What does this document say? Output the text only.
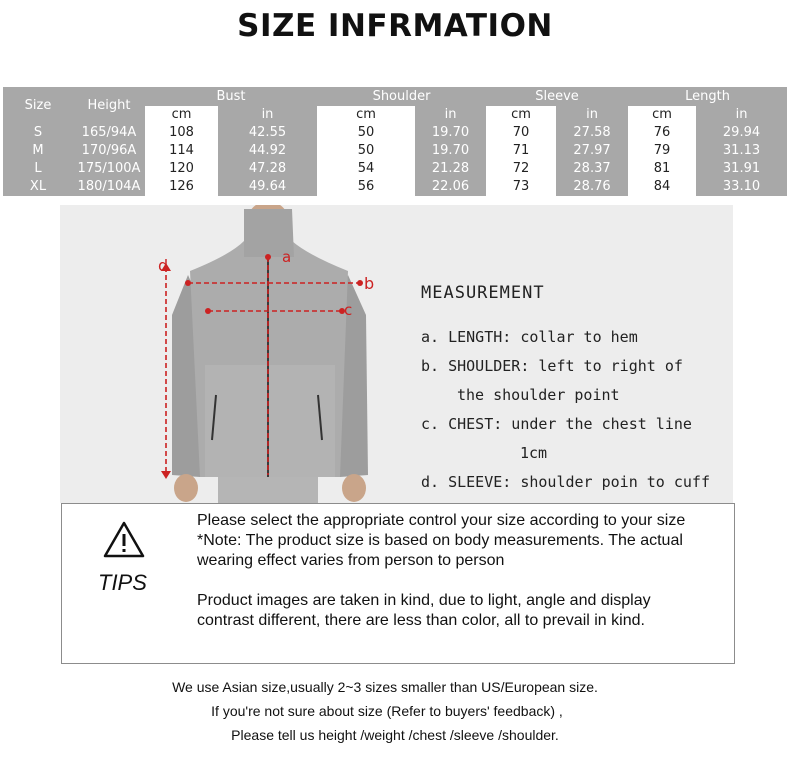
SIZE INFRMATION
Size	Height	Bust		Shoulder		Sleeve		Length	
		cm	in	cm	in	cm	in	cm	in
S	165/94A	108	42.55	50	19.70	70	27.58	76	29.94
M	170/96A	114	44.92	50	19.70	71	27.97	79	31.13
L	175/100A	120	47.28	54	21.28	72	28.37	81	31.91
XL	180/104A	126	49.64	56	22.06	73	28.76	84	33.10
a
b
c
d
MEASUREMENT
a. LENGTH: collar to hem
b. SHOULDER: left to right of
the shoulder point
c. CHEST: under the chest line
1cm
d. SLEEVE: shoulder poin to cuff
TIPS
Please select the appropriate control your size according to your size
*Note: The product size is based on body measurements. The actual
wearing effect varies from person to person
Product images are taken in kind, due to light, angle and display
contrast different, there are less than color, all to prevail in kind.
We use Asian size,usually 2~3 sizes smaller than US/European size.
If you're not sure about size (Refer to buyers' feedback) ,
Please tell us height /weight /chest /sleeve /shoulder.
